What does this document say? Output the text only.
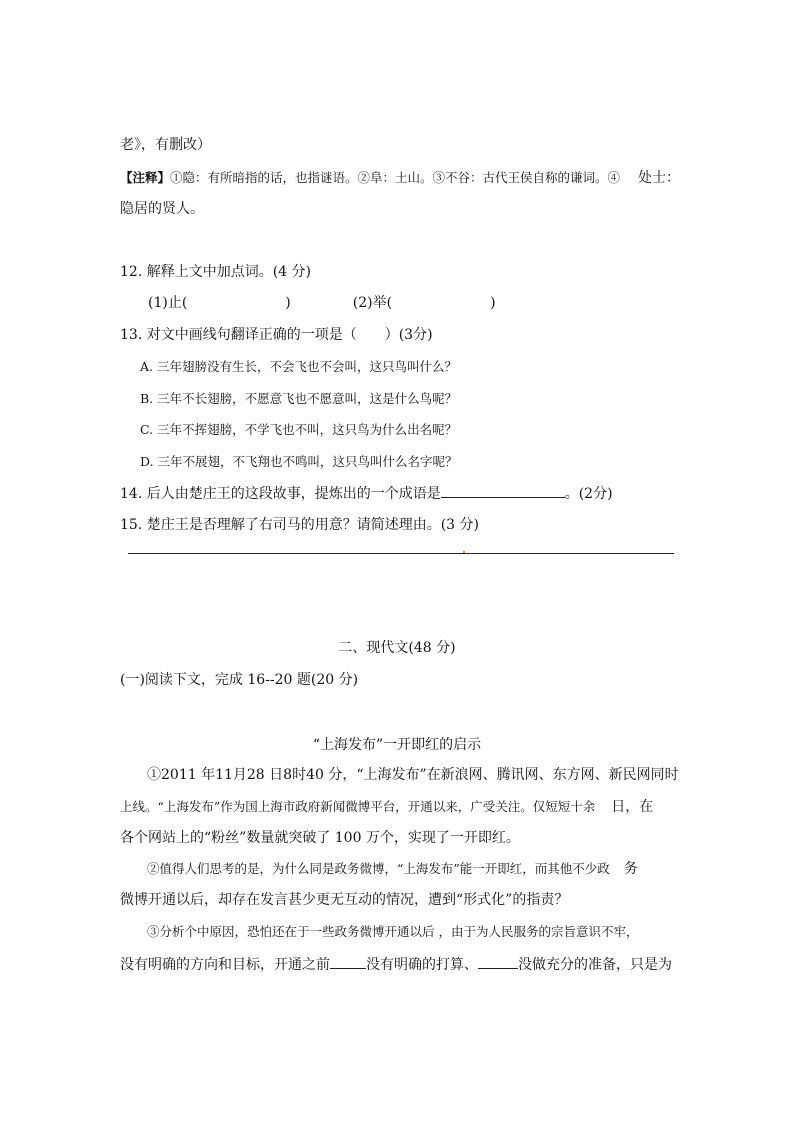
老》，有删改）
【注释】①隐：有所暗指的话，也指谜语。②阜：土山。③不谷：古代王侯自称的谦词。④ 处士：
隐居的贤人。
12. 解释上文中加点词。(4 分)
(1)止(	)	(2)举(	)
13. 对文中画线句翻译正确的一项是（　　）(3分)
A. 三年翅膀没有生长，不会飞也不会叫，这只鸟叫什么？
B. 三年不长翅膀，不愿意飞也不愿意叫，这是什么鸟呢？
C. 三年不挥翅膀，不学飞也不叫，这只鸟为什么出名呢？
D. 三年不展翅，不飞翔也不鸣叫，这只鸟叫什么名字呢？
14. 后人由楚庄王的这段故事，提炼出的一个成语是	。(2分)
15. 楚庄王是否理解了右司马的用意？请简述理由。(3 分)
二、现代文(48 分)
(一)阅读下文，完成 16--20 题(20 分)
“上海发布”一开即红的启示
①2011 年11月28 日8时40 分，“上海发布”在新浪网、腾讯网、东方网、新民网同时
上线。“上海发布”作为国上海市政府新闻微博平台，开通以来，广受关注。仅短短十余 日，在
各个网站上的“粉丝”数量就突破了 100 万个，实现了一开即红。
②值得人们思考的是，为什么同是政务微博，“上海发布”能一开即红，而其他不少政 务
微博开通以后，却存在发言甚少更无互动的情况，遭到“形式化”的指责？
③分析个中原因，恐怕还在于一些政务微博开通以后 ，由于为人民服务的宗旨意识不牢，
没有明确的方向和目标，开通之前	没有明确的打算、	没做充分的准备，只是为
